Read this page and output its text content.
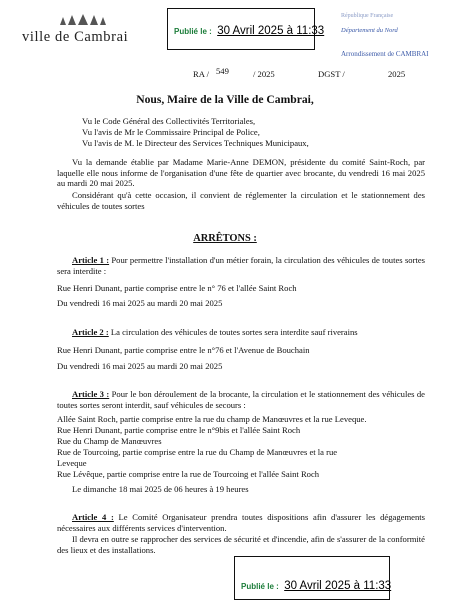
ville de Cambrai	Publié le : 30 Avril 2025 à 11:33
République Française
Département du Nord
Arrondissement de CAMBRAI
RA / 549	/ 2025	DGST /	2025
Nous, Maire de la Ville de Cambrai,
Vu le Code Général des Collectivités Territoriales,
Vu l'avis de Mr le Commissaire Principal de Police,
Vu l'avis de M. le Directeur des Services Techniques Municipaux,
Vu la demande établie par Madame Marie-Anne DEMON, présidente du comité Saint-Roch, par laquelle elle nous informe de l'organisation d'une fête de quartier avec brocante, du vendredi 16 mai 2025 au mardi 20 mai 2025.
Considérant qu'à cette occasion, il convient de réglementer la circulation et le stationnement des véhicules de toutes sortes
ARRÊTONS :
Article 1 : Pour permettre l'installation d'un métier forain, la circulation des véhicules de toutes sortes sera interdite :
Rue Henri Dunant, partie comprise entre le n° 76 et l'allée Saint Roch
Du vendredi 16 mai 2025 au mardi 20 mai 2025
Article 2 : La circulation des véhicules de toutes sortes sera interdite sauf riverains
Rue Henri Dunant, partie comprise entre le n°76 et l'Avenue de Bouchain
Du vendredi 16 mai 2025 au mardi 20 mai 2025
Article 3 : Pour le bon déroulement de la brocante, la circulation et le stationnement des véhicules de toutes sortes seront interdit, sauf véhicules de secours :
Allée Saint Roch, partie comprise entre la rue du champ de Manœuvres et la rue Leveque.
Rue Henri Dunant, partie comprise entre le n°9bis et l'allée Saint Roch
Rue du Champ de Manœuvres
Rue de Tourcoing, partie comprise entre la rue du Champ de Manœuvres et la rue
Leveque
Rue Lévêque, partie comprise entre la rue de Tourcoing et l'allée Saint Roch
Le dimanche 18 mai 2025 de 06 heures à 19 heures
Article 4 : Le Comité Organisateur prendra toutes dispositions afin d'assurer les dégagements nécessaires aux différents services d'intervention.
Il devra en outre se rapprocher des services de sécurité et d'incendie, afin de s'assurer de la conformité des lieux et des installations.
Publié le : 30 Avril 2025 à 11:33
